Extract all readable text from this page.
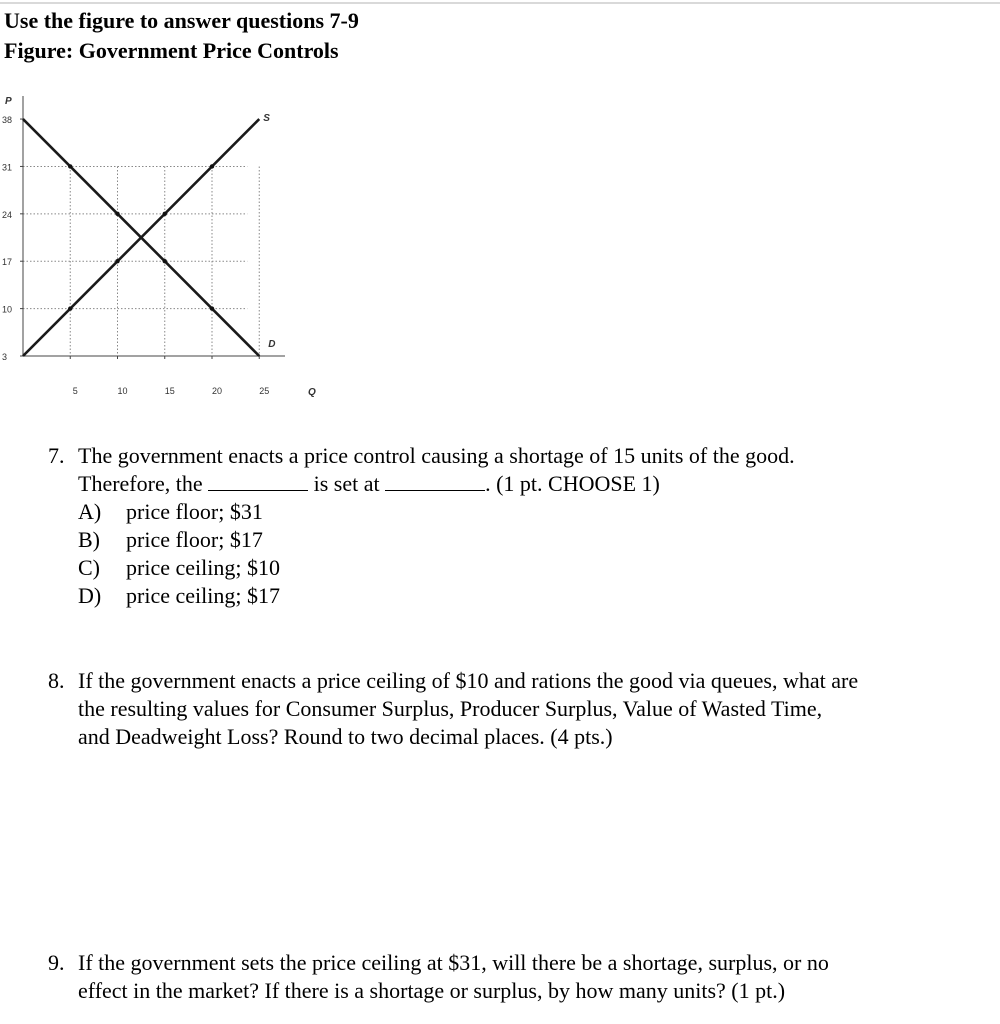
Use the figure to answer questions 7-9
Figure: Government Price Controls
38
31
24
17
10
3
5	10	15	20	25
P
Q
S
D
7. The government enacts a price control causing a shortage of 15 units of the good.
Therefore, the	is set at	. (1 pt. CHOOSE 1)
A) price floor; $31
B) price floor; $17
C) price ceiling; $10
D) price ceiling; $17
8. If the government enacts a price ceiling of $10 and rations the good via queues, what are
the resulting values for Consumer Surplus, Producer Surplus, Value of Wasted Time,
and Deadweight Loss? Round to two decimal places. (4 pts.)
9. If the government sets the price ceiling at $31, will there be a shortage, surplus, or no
effect in the market? If there is a shortage or surplus, by how many units? (1 pt.)
